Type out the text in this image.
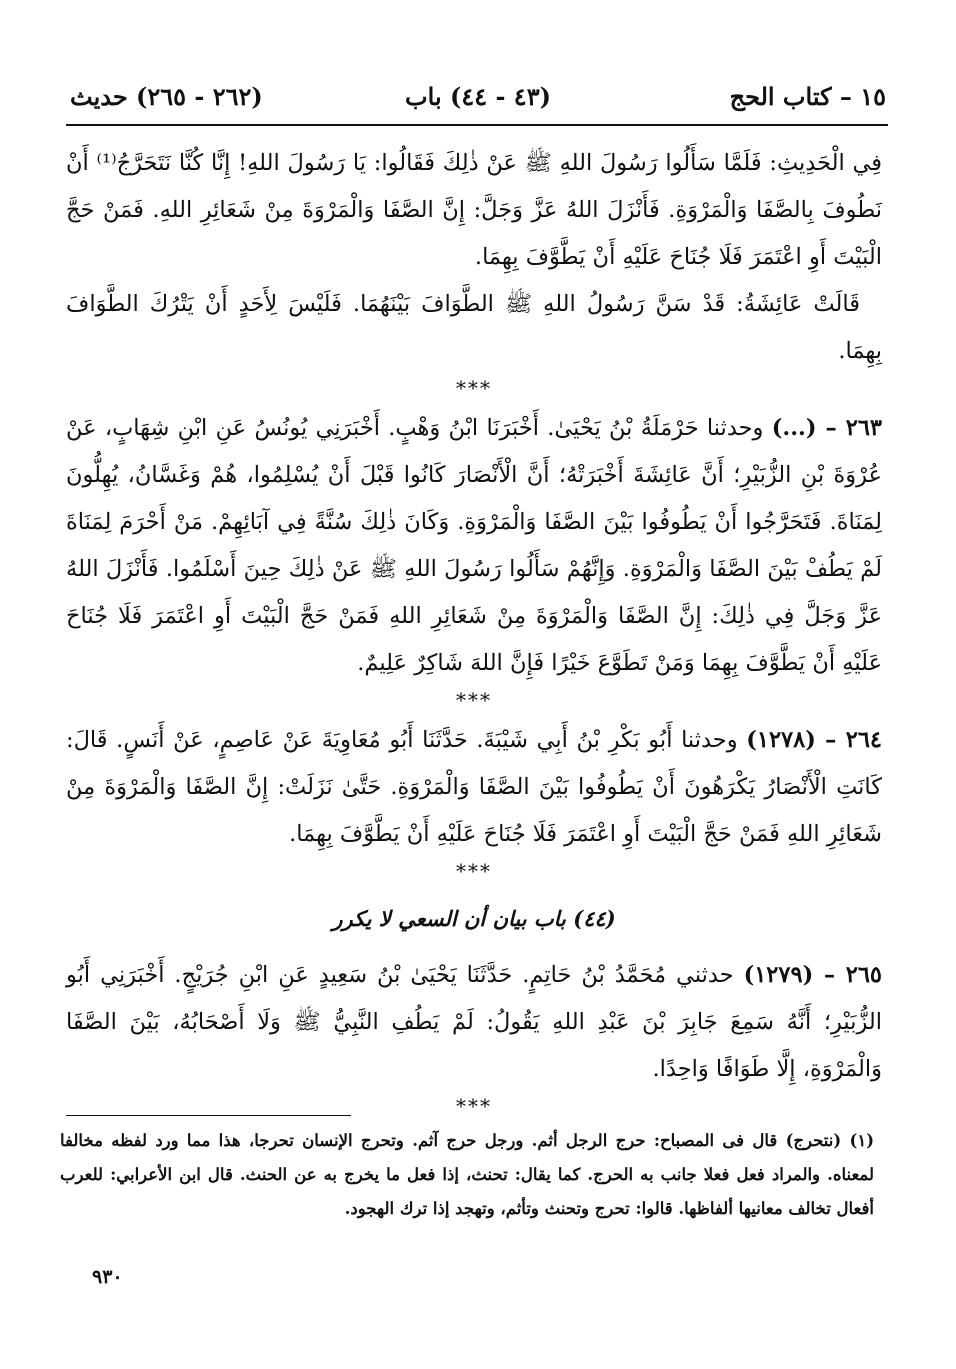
١٥ – كتاب الحج
(٤٣ - ٤٤) باب
(٢٦٢ - ٢٦٥) حديث

فِي الْحَدِيثِ: فَلَمَّا سَأَلُوا رَسُولَ اللهِ ﷺ عَنْ ذٰلِكَ فَقَالُوا: يَا رَسُولَ اللهِ! إِنَّا كُنَّا نَتَحَرَّجُ⁽¹⁾ أَنْ نَطُوفَ بِالصَّفَا وَالْمَرْوَةِ. فَأَنْزَلَ اللهُ عَزَّ وَجَلَّ: إِنَّ الصَّفَا وَالْمَرْوَةَ مِنْ شَعَائِرِ اللهِ. فَمَنْ حَجَّ الْبَيْتَ أَوِ اعْتَمَرَ فَلَا جُنَاحَ عَلَيْهِ أَنْ يَطَّوَّفَ بِهِمَا.

قَالَتْ عَائِشَةُ: قَدْ سَنَّ رَسُولُ اللهِ ﷺ الطَّوَافَ بَيْنَهُمَا. فَلَيْسَ لِأَحَدٍ أَنْ يَتْرُكَ الطَّوَافَ بِهِمَا.

***

٢٦٣ – (...) وحدثنا حَرْمَلَةُ بْنُ يَحْيَىٰ. أَخْبَرَنَا ابْنُ وَهْبٍ. أَخْبَرَنِي يُونُسُ عَنِ ابْنِ شِهَابٍ، عَنْ عُرْوَةَ بْنِ الزُّبَيْرِ؛ أَنَّ عَائِشَةَ أَخْبَرَتْهُ؛ أَنَّ الْأَنْصَارَ كَانُوا قَبْلَ أَنْ يُسْلِمُوا، هُمْ وَغَسَّانُ، يُهِلُّونَ لِمَنَاةَ. فَتَحَرَّجُوا أَنْ يَطُوفُوا بَيْنَ الصَّفَا وَالْمَرْوَةِ. وَكَانَ ذٰلِكَ سُنَّةً فِي آبَائِهِمْ. مَنْ أَحْرَمَ لِمَنَاةَ لَمْ يَطُفْ بَيْنَ الصَّفَا وَالْمَرْوَةِ. وَإِنَّهُمْ سَأَلُوا رَسُولَ اللهِ ﷺ عَنْ ذٰلِكَ حِينَ أَسْلَمُوا. فَأَنْزَلَ اللهُ عَزَّ وَجَلَّ فِي ذٰلِكَ: إِنَّ الصَّفَا وَالْمَرْوَةَ مِنْ شَعَائِرِ اللهِ فَمَنْ حَجَّ الْبَيْتَ أَوِ اعْتَمَرَ فَلَا جُنَاحَ عَلَيْهِ أَنْ يَطَّوَّفَ بِهِمَا وَمَنْ تَطَوَّعَ خَيْرًا فَإِنَّ اللهَ شَاكِرٌ عَلِيمٌ.

***

٢٦٤ – (١٢٧٨) وحدثنا أَبُو بَكْرِ بْنُ أَبِي شَيْبَةَ. حَدَّثَنَا أَبُو مُعَاوِيَةَ عَنْ عَاصِمٍ، عَنْ أَنَسٍ. قَالَ: كَانَتِ الْأَنْصَارُ يَكْرَهُونَ أَنْ يَطُوفُوا بَيْنَ الصَّفَا وَالْمَرْوَةِ. حَتَّىٰ نَزَلَتْ: إِنَّ الصَّفَا وَالْمَرْوَةَ مِنْ شَعَائِرِ اللهِ فَمَنْ حَجَّ الْبَيْتَ أَوِ اعْتَمَرَ فَلَا جُنَاحَ عَلَيْهِ أَنْ يَطَّوَّفَ بِهِمَا.

***
(٤٤) باب بيان أن السعي لا يكرر

٢٦٥ – (١٢٧٩) حدثني مُحَمَّدُ بْنُ حَاتِمٍ. حَدَّثَنَا يَحْيَىٰ بْنُ سَعِيدٍ عَنِ ابْنِ جُرَيْجٍ. أَخْبَرَنِي أَبُو الزُّبَيْرِ؛ أَنَّهُ سَمِعَ جَابِرَ بْنَ عَبْدِ اللهِ يَقُولُ: لَمْ يَطُفِ النَّبِيُّ ﷺ وَلَا أَصْحَابُهُ، بَيْنَ الصَّفَا وَالْمَرْوَةِ، إِلَّا طَوَافًا وَاحِدًا.

***
(١) (نتحرج) قال فى المصباح: حرج الرجل أثم. ورجل حرج آثم. وتحرج الإنسان تحرجا، هذا مما ورد لفظه مخالفا لمعناه. والمراد فعل فعلا جانب به الحرج. كما يقال: تحنث، إذا فعل ما يخرج به عن الحنث. قال ابن الأعرابي: للعرب أفعال تخالف معانيها ألفاظها. قالوا: تحرج وتحنث وتأثم، وتهجد إذا ترك الهجود.
٩٣٠
